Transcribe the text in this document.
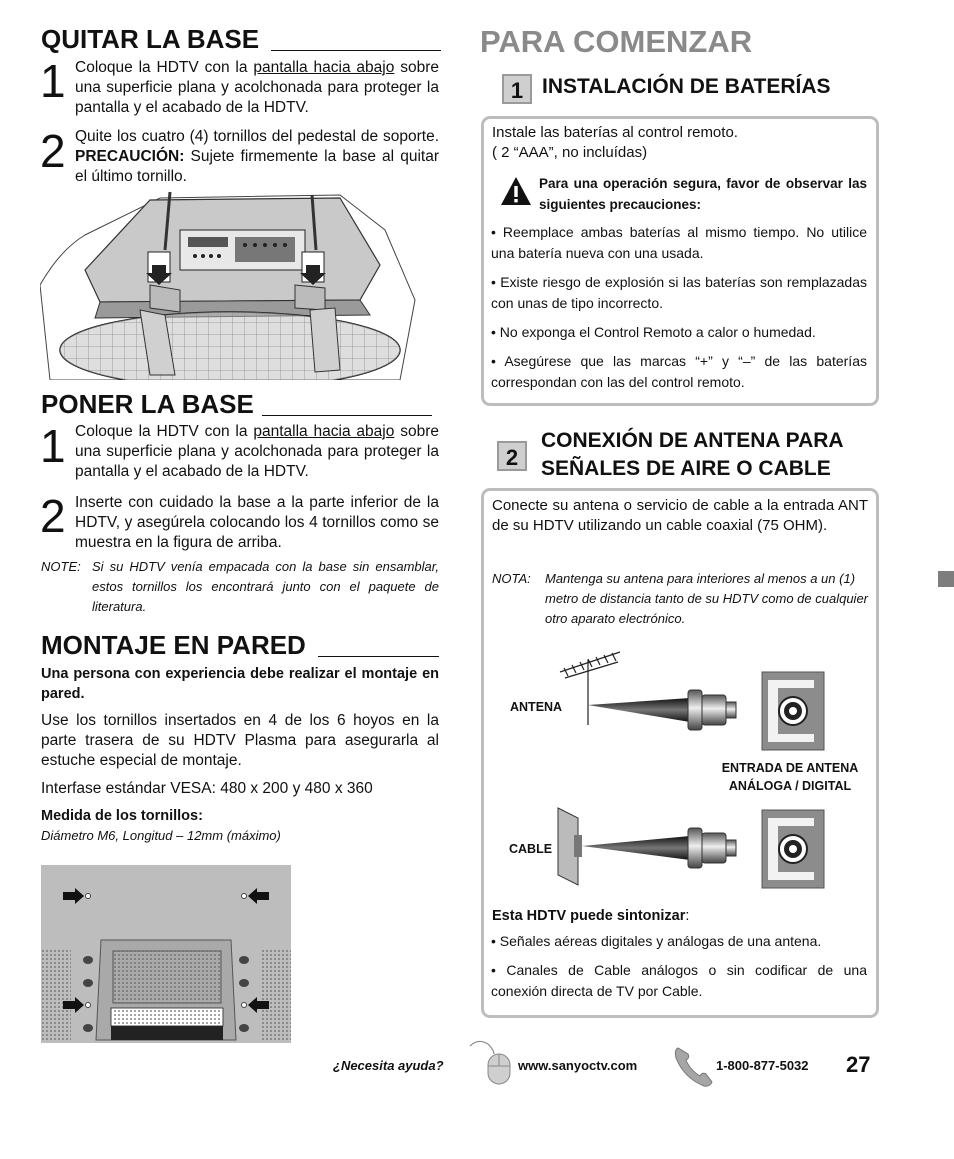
QUITAR LA BASE
1 Coloque la HDTV con la pantalla hacia abajo sobre una superficie plana y acolchonada para proteger la pantalla y el acabado de la HDTV.
2 Quite los cuatro (4) tornillos del pedestal de soporte. PRECAUCIÓN: Sujete firmemente la base al quitar el último tornillo.
PONER LA BASE
1 Coloque la HDTV con la pantalla hacia abajo sobre una superficie plana y acolchonada para proteger la pantalla y el acabado de la HDTV.
2 Inserte con cuidado la base a la parte inferior de la HDTV, y asegúrela colocando los 4 tornillos como se muestra en la figura de arriba.
NOTE: Si su HDTV venía empacada con la base sin ensamblar, estos tornillos los encontrará junto con el paquete de literatura.
MONTAJE EN PARED
Una persona con experiencia debe realizar el montaje en pared.
Use los tornillos insertados en 4 de los 6 hoyos en la parte trasera de su HDTV Plasma para asegurarla al estuche especial de montaje.
Interfase estándar VESA: 480 x 200 y 480 x 360
Medida de los tornillos:
Diámetro M6, Longitud – 12mm (máximo)
PARA COMENZAR
1 INSTALACIÓN DE BATERÍAS
Instale las baterías al control remoto.
( 2 “AAA”, no incluídas)
Para una operación segura, favor de observar las siguientes precauciones:
• Reemplace ambas baterías al mismo tiempo. No utilice una batería nueva con una usada.
• Existe riesgo de explosión si las baterías son remplazadas con unas de tipo incorrecto.
• No exponga el Control Remoto a calor o humedad.
• Asegúrese que las marcas “+” y “–” de las baterías correspondan con las del control remoto.
2
CONEXIÓN DE ANTENA PARA
SEÑALES DE AIRE O CABLE
Conecte su antena o servicio de cable a la entrada ANT de su HDTV utilizando un cable coaxial (75 OHM).
NOTA: Mantenga su antena para interiores al menos a un (1) metro de distancia tanto de su HDTV como de cualquier otro aparato electrónico.
ANTENA
ENTRADA DE ANTENA
ANÁLOGA / DIGITAL
CABLE
Esta HDTV puede sintonizar:
• Señales aéreas digitales y análogas de una antena.
• Canales de Cable análogos o sin codificar de una conexión directa de TV por Cable.
¿Necesita ayuda?	www.sanyoctv.com	1-800-877-5032 27
